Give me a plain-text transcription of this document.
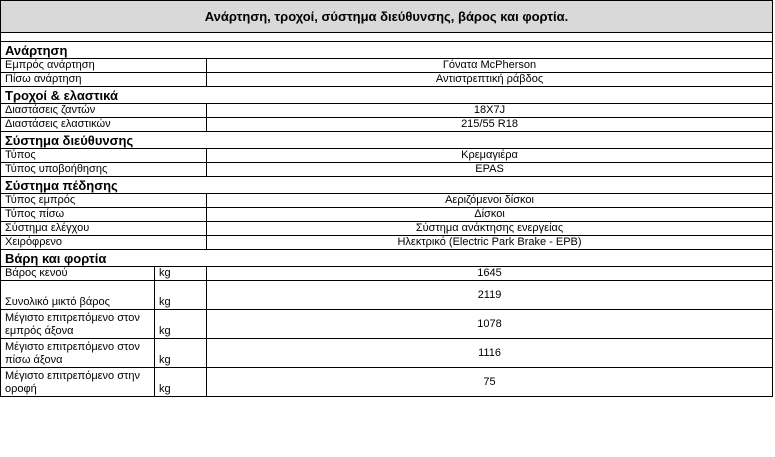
Ανάρτηση, τροχοί, σύστημα διεύθυνσης, βάρος και φορτία.		

Ανάρτηση		
Εμπρός ανάρτηση		Γόνατα McPherson
Πίσω ανάρτηση		Αντιστρεπτική ράβδος
Τροχοί & ελαστικά		
Διαστάσεις ζαντών		18X7J
Διαστάσεις ελαστικών		215/55 R18
Σύστημα διεύθυνσης		
Τύπος		Κρεμαγιέρα
Τύπος υποβοήθησης		EPAS
Σύστημα πέδησης		
Τύπος εμπρός		Αεριζόμενοι δίσκοι
Τύπος πίσω		Δίσκοι
Σύστημα ελέγχου		Σύστημα ανάκτησης ενεργείας
Χειρόφρενο		Ηλεκτρικό (Electric Park Brake - EPB)
Βάρη και φορτία		
Βάρος κενού	kg	1645
Συνολικό μικτό βάρος	kg	2119
Μέγιστο επιτρεπόμενο στον εμπρός άξονα	kg	1078
Μέγιστο επιτρεπόμενο στον πίσω άξονα	kg	1116
Μέγιστο επιτρεπόμενο στην οροφή	kg	75
